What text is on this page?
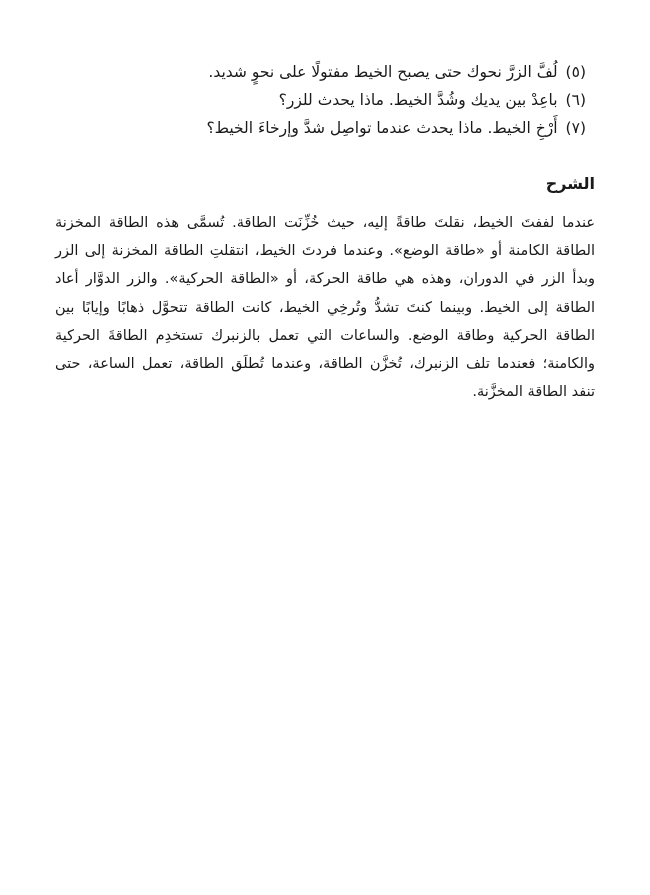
(٥)
لُفَّ الزرَّ نحوك حتى يصبح الخيط مفتولًا على نحوٍ شديد.
(٦)
باعِدْ بين يديك وشُدَّ الخيط. ماذا يحدث للزر؟
(٧)
أَرْخِ الخيط. ماذا يحدث عندما تواصِل شدَّ وإرخاءَ الخيط؟
الشرح
عندما لففتَ الخيط، نقلتَ طاقةً إليه، حيث خُزِّنَت الطاقة. تُسمَّى هذه الطاقة المخزنة
الطاقة الكامنة أو «طاقة الوضع». وعندما فردتَ الخيط، انتقلتِ الطاقة المخزنة إلى الزر
وبدأ الزر في الدوران، وهذه هي طاقة الحركة، أو «الطاقة الحركية». والزر الدوَّار أعاد
الطاقة إلى الخيط. وبينما كنتَ تشدُّ وتُرخِي الخيط، كانت الطاقة تتحوَّل ذهابًا وإيابًا بين
الطاقة الحركية وطاقة الوضع. والساعات التي تعمل بالزنبرك تستخدِم الطاقةَ الحركية
والكامنة؛ فعندما تلف الزنبرك، تُخزَّن الطاقة، وعندما تُطلَق الطاقة، تعمل الساعة، حتى
تنفد الطاقة المخزَّنة.
